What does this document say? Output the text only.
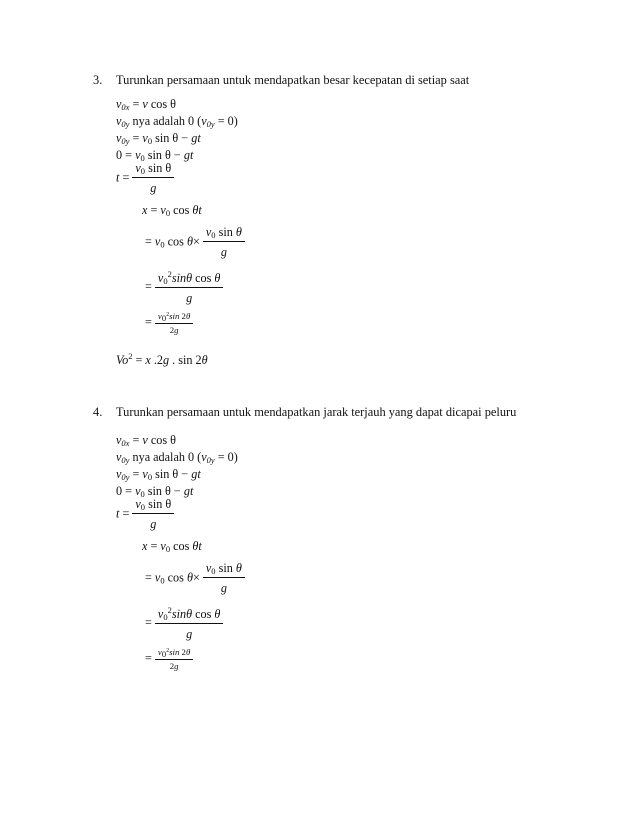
3. Turunkan persamaan untuk mendapatkan besar kecepatan di setiap saat
$v_{0x} = v$ cos θ
$v_{0y}$ nya adalah 0 $(v_{0y} = 0)$
$v_{0y} = v_0$ sin θ − gt
$0 = v_0$ sin θ − gt
$t = \frac{v_0 \sin \theta}{g}$
$x = v_0$ cos θt
= $v_0$ $\cos \theta\times \frac{v_0 \sin \theta}{g}$
= $\frac{v_0^2\sin\theta \cos \theta}{g}$
= $\frac{v_0^2\sin 2\theta}{2g}$
$Vo^2 = x$ .2g . sin 2θ
4. Turunkan persamaan untuk mendapatkan jarak terjauh yang dapat dicapai peluru
$v_{0x} = v$ cos θ
$v_{0y}$ nya adalah 0 $(v_{0y} = 0)$
$v_{0y} = v_0$ sin θ − gt
$0 = v_0$ sin θ − gt
$t = \frac{v_0 \sin \theta}{g}$
$x = v_0$ cos θt
= $v_0$ $\cos \theta\times \frac{v_0 \sin \theta}{g}$
= $\frac{v_0^2\sin\theta \cos \theta}{g}$
= $\frac{v_0^2\sin 2\theta}{2g}$
